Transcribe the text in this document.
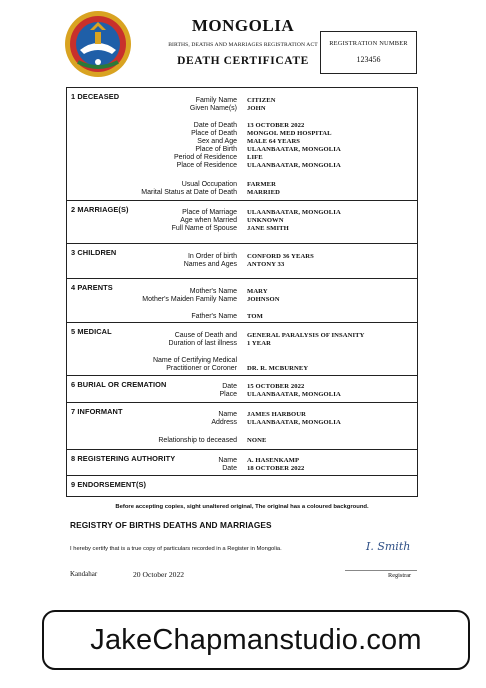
MONGOLIA
BIRTHS, DEATHS AND MARRIAGES REGISTRATION ACT
DEATH CERTIFICATE
REGISTRATION NUMBER
123456
1 DECEASED	Family Name CITIZEN
Given Name(s) JOHN
Date of Death 13 OCTOBER 2022
Place of Death MONGOL MED HOSPITAL
Sex and Age MALE 64 YEARS
Place of Birth ULAANBAATAR, MONGOLIA
Period of Residence LIFE
Place of Residence ULAANBAATAR, MONGOLIA
Usual Occupation FARMER
Marital Status at Date of Death MARRIED
2 MARRIAGE(S)	Place of Marriage ULAANBAATAR, MONGOLIA
Age when Married UNKNOWN
Full Name of Spouse JANE SMITH
3 CHILDREN	In Order of birth CONFORD 36 YEARS
Names and Ages ANTONY 33
4 PARENTS	Mother's Name MARY
Mother's Maiden Family Name JOHNSON
Father's Name TOM
5 MEDICAL	Cause of Death and GENERAL PARALYSIS OF INSANITY
Duration of last illness 1 YEAR
Name of Certifying Medical
Practitioner or Coroner DR. R. MCBURNEY
6 BURIAL OR CREMATION	Date 15 OCTOBER 2022
Place ULAANBAATAR, MONGOLIA
7 INFORMANT	Name JAMES HARBOUR
Address ULAANBAATAR, MONGOLIA
Relationship to deceased NONE
8 REGISTERING AUTHORITY	Name A. HASENKAMP
Date 18 OCTOBER 2022
9 ENDORSEMENT(S)
Before accepting copies, sight unaltered original, The original has a coloured background.
REGISTRY OF BIRTHS DEATHS AND MARRIAGES
I hereby certify that is a true copy of particulars recorded in a Register in Mongolia.	I. Smith
Kandahar	20 October 2022	Registrar
JakeChapmanstudio.com
